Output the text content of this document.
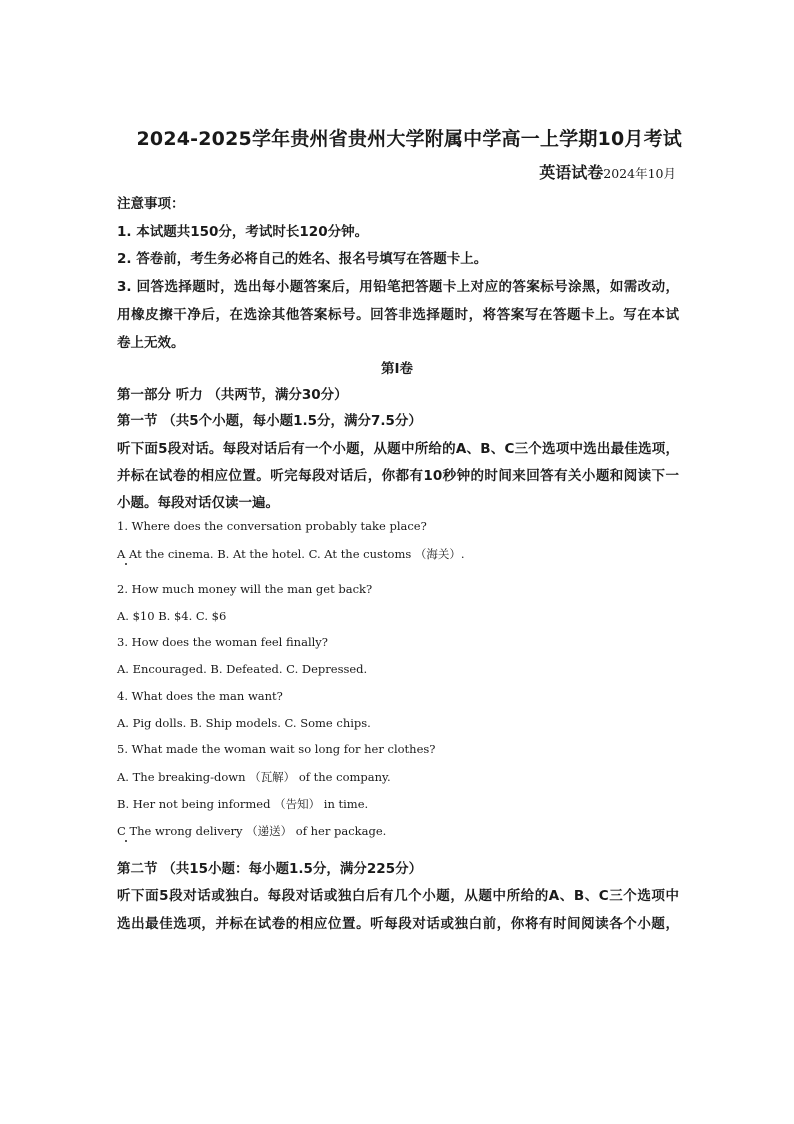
2024-2025学年贵州省贵州大学附属中学高一上学期10月考试
英语试卷2024年10月
注意事项：
1. 本试题共150分，考试时长120分钟。
2. 答卷前，考生务必将自己的姓名、报名号填写在答题卡上。
3. 回答选择题时，选出每小题答案后，用铅笔把答题卡上对应的答案标号涂黑，如需改动，
用橡皮擦干净后，在选涂其他答案标号。回答非选择题时，将答案写在答题卡上。写在本试
卷上无效。
第I卷
第一部分 听力 （共两节，满分30分）
第一节 （共5个小题，每小题1.5分，满分7.5分）
听下面5段对话。每段对话后有一个小题，从题中所给的A、B、C三个选项中选出最佳选项，
并标在试卷的相应位置。听完每段对话后，你都有10秒钟的时间来回答有关小题和阅读下一
小题。每段对话仅读一遍。
1. Where does the conversation probably take place?
A At the cinema. B. At the hotel. C. At the customs （海关）.
2. How much money will the man get back?
A. $10 B. $4. C. $6
3. How does the woman feel finally?
A. Encouraged. B. Defeated. C. Depressed.
4. What does the man want?
A. Pig dolls. B. Ship models. C. Some chips.
5. What made the woman wait so long for her clothes?
A. The breaking-down （瓦解） of the company.
B. Her not being informed （告知） in time.
C The wrong delivery （递送） of her package.
第二节 （共15小题：每小题1.5分，满分225分）
听下面5段对话或独白。每段对话或独白后有几个小题，从题中所给的A、B、C三个选项中
选出最佳选项，并标在试卷的相应位置。听每段对话或独白前，你将有时间阅读各个小题，
